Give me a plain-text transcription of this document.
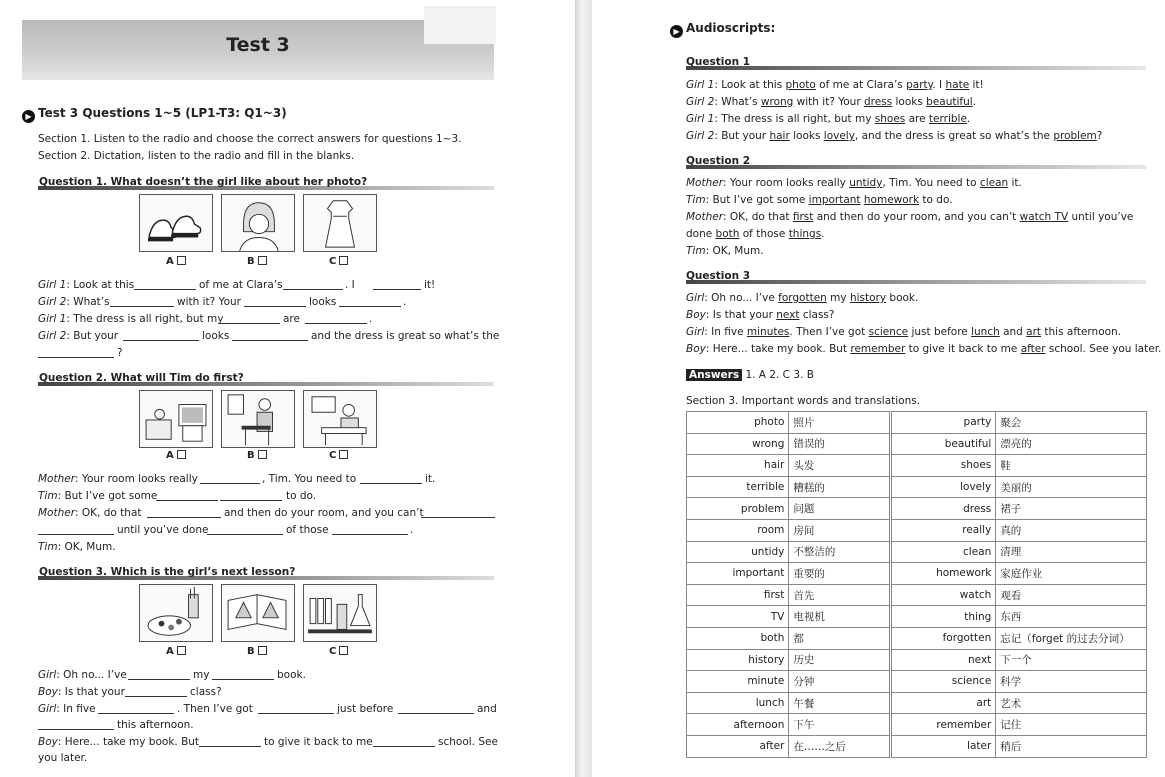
Test 3
▶ Test 3 Questions 1~5 (LP1-T3: Q1~3)
Section 1. Listen to the radio and choose the correct answers for questions 1~3.
Section 2. Dictation, listen to the radio and fill in the blanks.
Question 1. What doesn’t the girl like about her photo?
A	B	C
Girl 1: Look at this	of me at Clara’s	. I	it!
Girl 2: What’s	with it? Your	looks	.
Girl 1: The dress is all right, but my	are	.
Girl 2: But your	looks	and the dress is great so what’s the
?
Question 2. What will Tim do first?
A	B	C
Mother: Your room looks really	, Tim. You need to	it.
Tim: But I’ve got some	to do.
Mother: OK, do that	and then do your room, and you can’t
until you’ve done	of those	.
Tim: OK, Mum.
Question 3. Which is the girl’s next lesson?
A	B	C
Girl: Oh no... I’ve	my	book.
Boy: Is that your	class?
Girl: In five	. Then I’ve got	just before	and
this afternoon.
Boy: Here... take my book. But	to give it back to me	school. See
you later.
▶ Audioscripts:
Question 1
Girl 1: Look at this photo of me at Clara’s party. I hate it!
Girl 2: What’s wrong with it? Your dress looks beautiful.
Girl 1: The dress is all right, but my shoes are terrible.
Girl 2: But your hair looks lovely, and the dress is great so what’s the problem?
Question 2
Mother: Your room looks really untidy, Tim. You need to clean it.
Tim: But I’ve got some important homework to do.
Mother: OK, do that first and then do your room, and you can’t watch TV until you’ve
done both of those things.
Tim: OK, Mum.
Question 3
Girl: Oh no... I’ve forgotten my history book.
Boy: Is that your next class?
Girl: In five minutes. Then I’ve got science just before lunch and art this afternoon.
Boy: Here... take my book. But remember to give it back to me after school. See you later.
Answers 1. A 2. C 3. B
Section 3. Important words and translations.
photo	照片		party	聚会
wrong	错误的		beautiful	漂亮的
hair	头发		shoes	鞋
terrible	糟糕的		lovely	美丽的
problem	问题		dress	裙子
room	房间		really	真的
untidy	不整洁的		clean	清理
important	重要的		homework	家庭作业
first	首先		watch	观看
TV	电视机		thing	东西
both	都		forgotten	忘记（forget 的过去分词）
history	历史		next	下一个
minute	分钟		science	科学
lunch	午餐		art	艺术
afternoon	下午		remember	记住
after	在……之后		later	稍后
